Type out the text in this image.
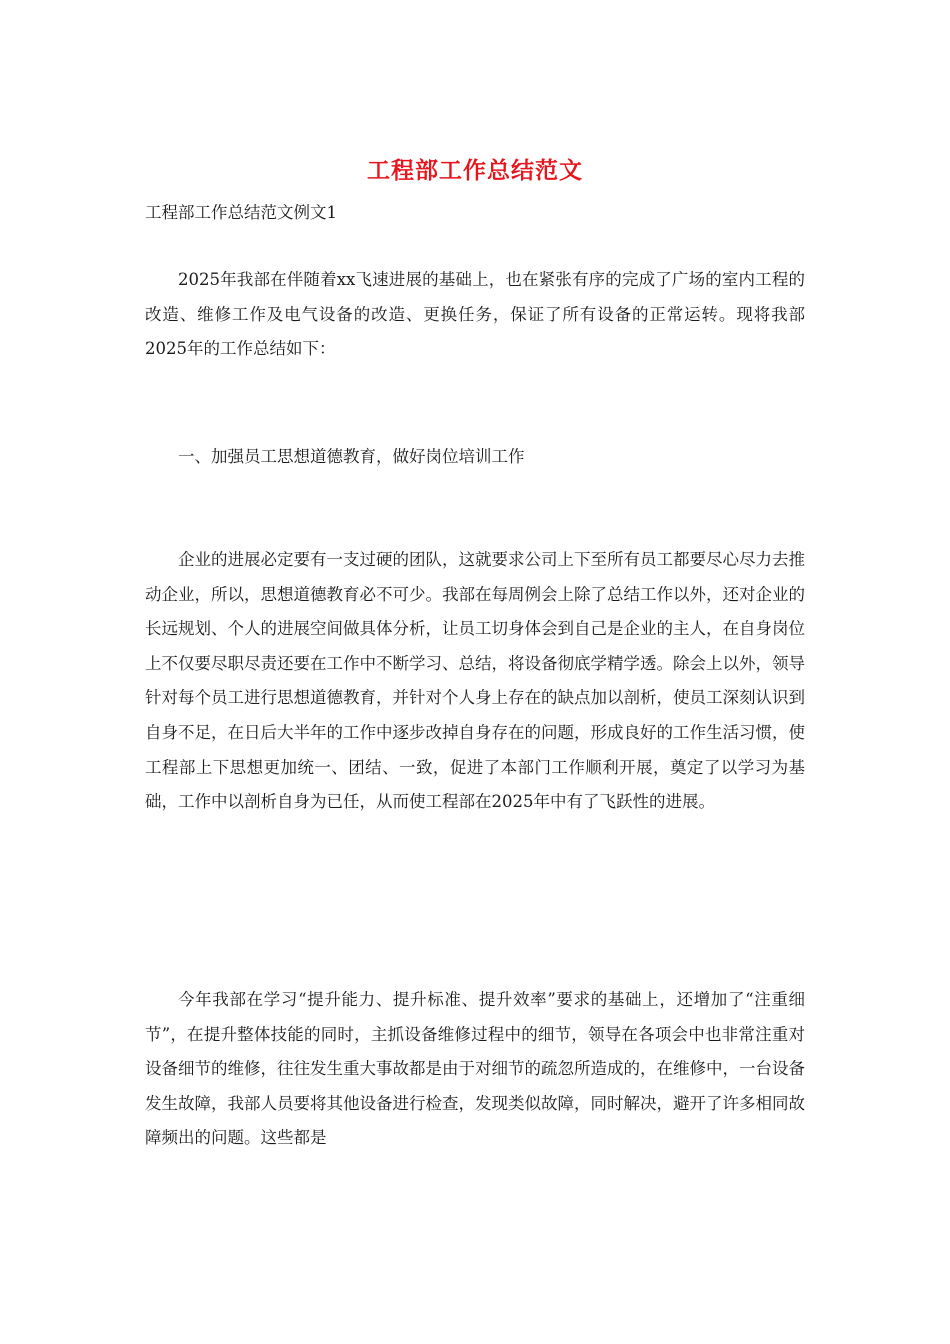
工程部工作总结范文

工程部工作总结范文例文1

2025年我部在伴随着xx飞速进展的基础上，也在紧张有序的完成了广场的室内工程的改造、维修工作及电气设备的改造、更换任务，保证了所有设备的正常运转。现将我部2025年的工作总结如下：

一、加强员工思想道德教育，做好岗位培训工作

企业的进展必定要有一支过硬的团队，这就要求公司上下至所有员工都要尽心尽力去推动企业，所以，思想道德教育必不可少。我部在每周例会上除了总结工作以外，还对企业的长远规划、个人的进展空间做具体分析，让员工切身体会到自己是企业的主人，在自身岗位上不仅要尽职尽责还要在工作中不断学习、总结，将设备彻底学精学透。除会上以外，领导针对每个员工进行思想道德教育，并针对个人身上存在的缺点加以剖析，使员工深刻认识到自身不足，在日后大半年的工作中逐步改掉自身存在的问题，形成良好的工作生活习惯，使工程部上下思想更加统一、团结、一致，促进了本部门工作顺利开展，奠定了以学习为基础，工作中以剖析自身为已任，从而使工程部在2025年中有了飞跃性的进展。

今年我部在学习“提升能力、提升标准、提升效率”要求的基础上，还增加了“注重细节”，在提升整体技能的同时，主抓设备维修过程中的细节，领导在各项会中也非常注重对设备细节的维修，往往发生重大事故都是由于对细节的疏忽所造成的，在维修中，一台设备发生故障，我部人员要将其他设备进行检查，发现类似故障，同时解决，避开了许多相同故障频出的问题。这些都是
